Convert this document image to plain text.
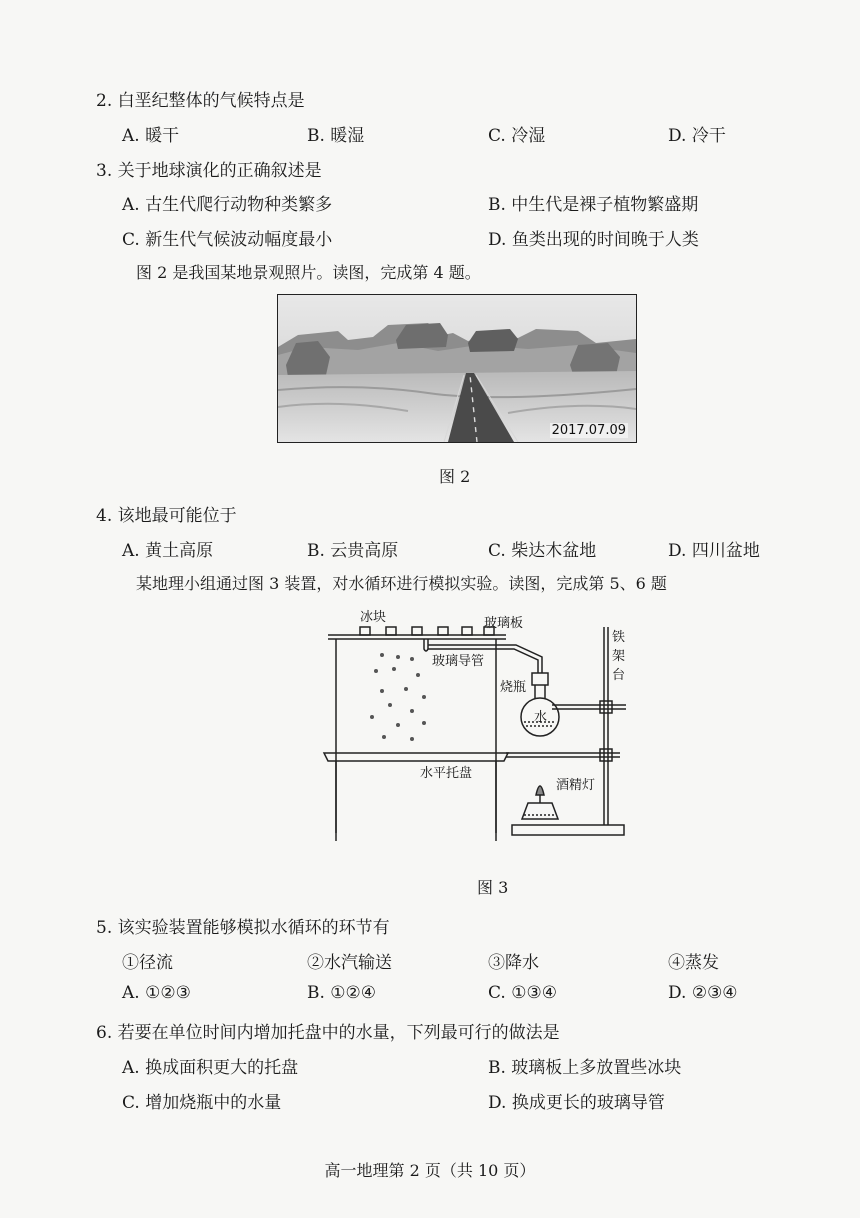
2. 白垩纪整体的气候特点是
A. 暖干	B. 暖湿	C. 冷湿	D. 冷干
3. 关于地球演化的正确叙述是
A. 古生代爬行动物种类繁多	B. 中生代是裸子植物繁盛期
C. 新生代气候波动幅度最小	D. 鱼类出现的时间晚于人类
图 2 是我国某地景观照片。读图，完成第 4 题。
2017.07.09
图 2
4. 该地最可能位于
A. 黄土高原	B. 云贵高原	C. 柴达木盆地	D. 四川盆地
某地理小组通过图 3 装置，对水循环进行模拟实验。读图，完成第 5、6 题
冰块	玻璃板
玻璃导管
烧瓶
水
水平托盘
铁
架
台
酒精灯
图 3
5. 该实验装置能够模拟水循环的环节有
①径流	②水汽输送	③降水	④蒸发
A. ①②③	B. ①②④	C. ①③④	D. ②③④
6. 若要在单位时间内增加托盘中的水量，下列最可行的做法是
A. 换成面积更大的托盘	B. 玻璃板上多放置些冰块
C. 增加烧瓶中的水量	D. 换成更长的玻璃导管
高一地理第 2 页（共 10 页）
